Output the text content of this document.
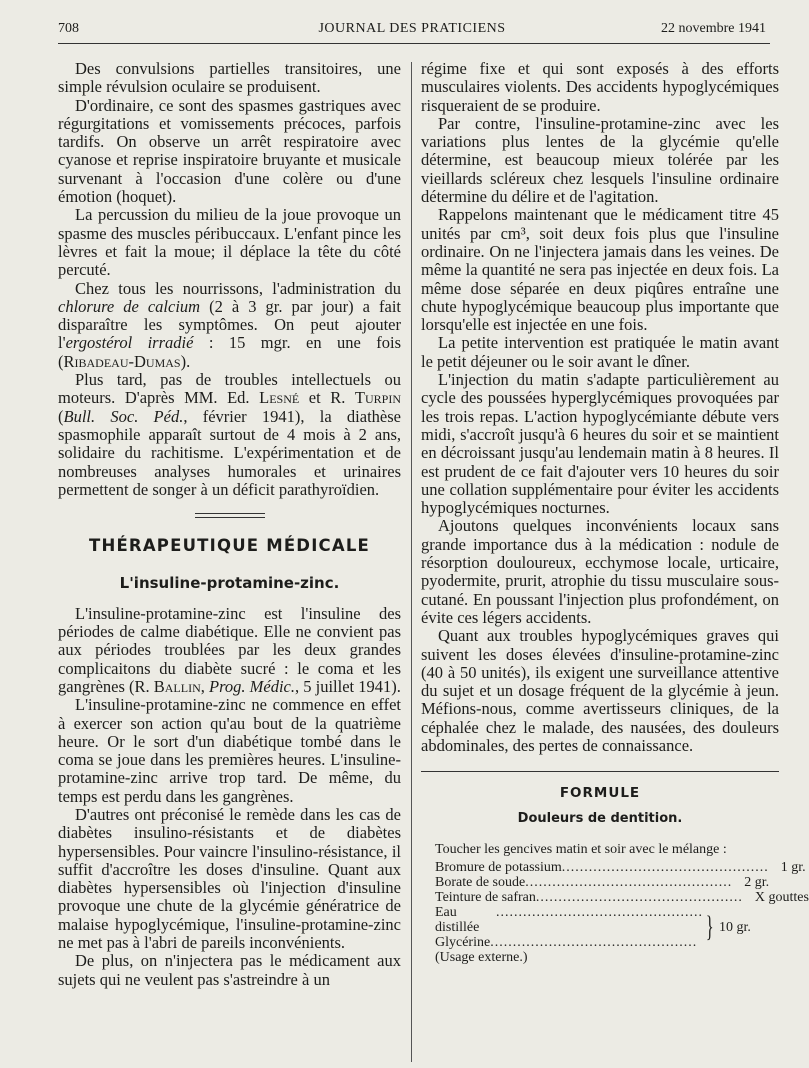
708	JOURNAL DES PRATICIENS	22 novembre 1941

Des convulsions partielles transitoires, une simple révulsion oculaire se produisent.

D'ordinaire, ce sont des spasmes gastriques avec régurgitations et vomissements précoces, parfois tardifs. On observe un arrêt respiratoire avec cyanose et reprise inspiratoire bruyante et musicale survenant à l'occasion d'une colère ou d'une émotion (hoquet).

La percussion du milieu de la joue provoque un spasme des muscles péribuccaux. L'enfant pince les lèvres et fait la moue; il déplace la tête du côté percuté.

Chez tous les nourrissons, l'administration du chlorure de calcium (2 à 3 gr. par jour) a fait disparaître les symptômes. On peut ajouter l'ergostérol irradié : 15 mgr. en une fois (Ribadeau-Dumas).

Plus tard, pas de troubles intellectuels ou moteurs. D'après MM. Ed. Lesné et R. Turpin (Bull. Soc. Péd., février 1941), la diathèse spasmophile apparaît surtout de 4 mois à 2 ans, solidaire du rachitisme. L'expérimentation et de nombreuses analyses humorales et urinaires permettent de songer à un déficit parathyroïdien.

THÉRAPEUTIQUE MÉDICALE
L'insuline-protamine-zinc.

L'insuline-protamine-zinc est l'insuline des périodes de calme diabétique. Elle ne convient pas aux périodes troublées par les deux grandes complicaitons du diabète sucré : le coma et les gangrènes (R. Ballin, Prog. Médic., 5 juillet 1941).

L'insuline-protamine-zinc ne commence en effet à exercer son action qu'au bout de la quatrième heure. Or le sort d'un diabétique tombé dans le coma se joue dans les premières heures. L'insuline-protamine-zinc arrive trop tard. De même, du temps est perdu dans les gangrènes.

D'autres ont préconisé le remède dans les cas de diabètes insulino-résistants et de diabètes hypersensibles. Pour vaincre l'insulino-résistance, il suffit d'accroître les doses d'insuline. Quant aux diabètes hypersensibles où l'injection d'insuline provoque une chute de la glycémie génératrice de malaise hypoglycémique, l'insuline-protamine-zinc ne met pas à l'abri de pareils inconvénients.

De plus, on n'injectera pas le médicament aux sujets qui ne veulent pas s'astreindre à un

régime fixe et qui sont exposés à des efforts musculaires violents. Des accidents hypoglycémiques risqueraient de se produire.

Par contre, l'insuline-protamine-zinc avec les variations plus lentes de la glycémie qu'elle détermine, est beaucoup mieux tolérée par les vieillards scléreux chez lesquels l'insuline ordinaire détermine du délire et de l'agitation.

Rappelons maintenant que le médicament titre 45 unités par cm³, soit deux fois plus que l'insuline ordinaire. On ne l'injectera jamais dans les veines. De même la quantité ne sera pas injectée en deux fois. La même dose séparée en deux piqûres entraîne une chute hypoglycémique beaucoup plus importante que lorsqu'elle est injectée en une fois.

La petite intervention est pratiquée le matin avant le petit déjeuner ou le soir avant le dîner.

L'injection du matin s'adapte particulièrement au cycle des poussées hyperglycémiques provoquées par les trois repas. L'action hypoglycémiante débute vers midi, s'accroît jusqu'à 6 heures du soir et se maintient en décroissant jusqu'au lendemain matin à 8 heures. Il est prudent de ce fait d'ajouter vers 10 heures du soir une collation supplémentaire pour éviter les accidents hypoglycémiques nocturnes.

Ajoutons quelques inconvénients locaux sans grande importance dus à la médication : nodule de résorption douloureux, ecchymose locale, urticaire, pyodermite, prurit, atrophie du tissu musculaire sous-cutané. En poussant l'injection plus profondément, on évite ces légers accidents.

Quant aux troubles hypoglycémiques graves qui suivent les doses élevées d'insuline-protamine-zinc (40 à 50 unités), ils exigent une surveillance attentive du sujet et un dosage fréquent de la glycémie à jeun. Méfions-nous, comme avertisseurs cliniques, de la céphalée chez le malade, des nausées, des douleurs abdominales, des pertes de connaissance.

FORMULE
Douleurs de dentition.
Toucher les gencives matin et soir avec le mélange :
Bromure de potassium .............................................. 1 gr.
Borate de soude .............................................. 2 gr.
Teinture de safran .............................................. X gouttes
Eau distillée
..............................................
Glycérine .............................................. } 10 gr.
(Usage externe.)
